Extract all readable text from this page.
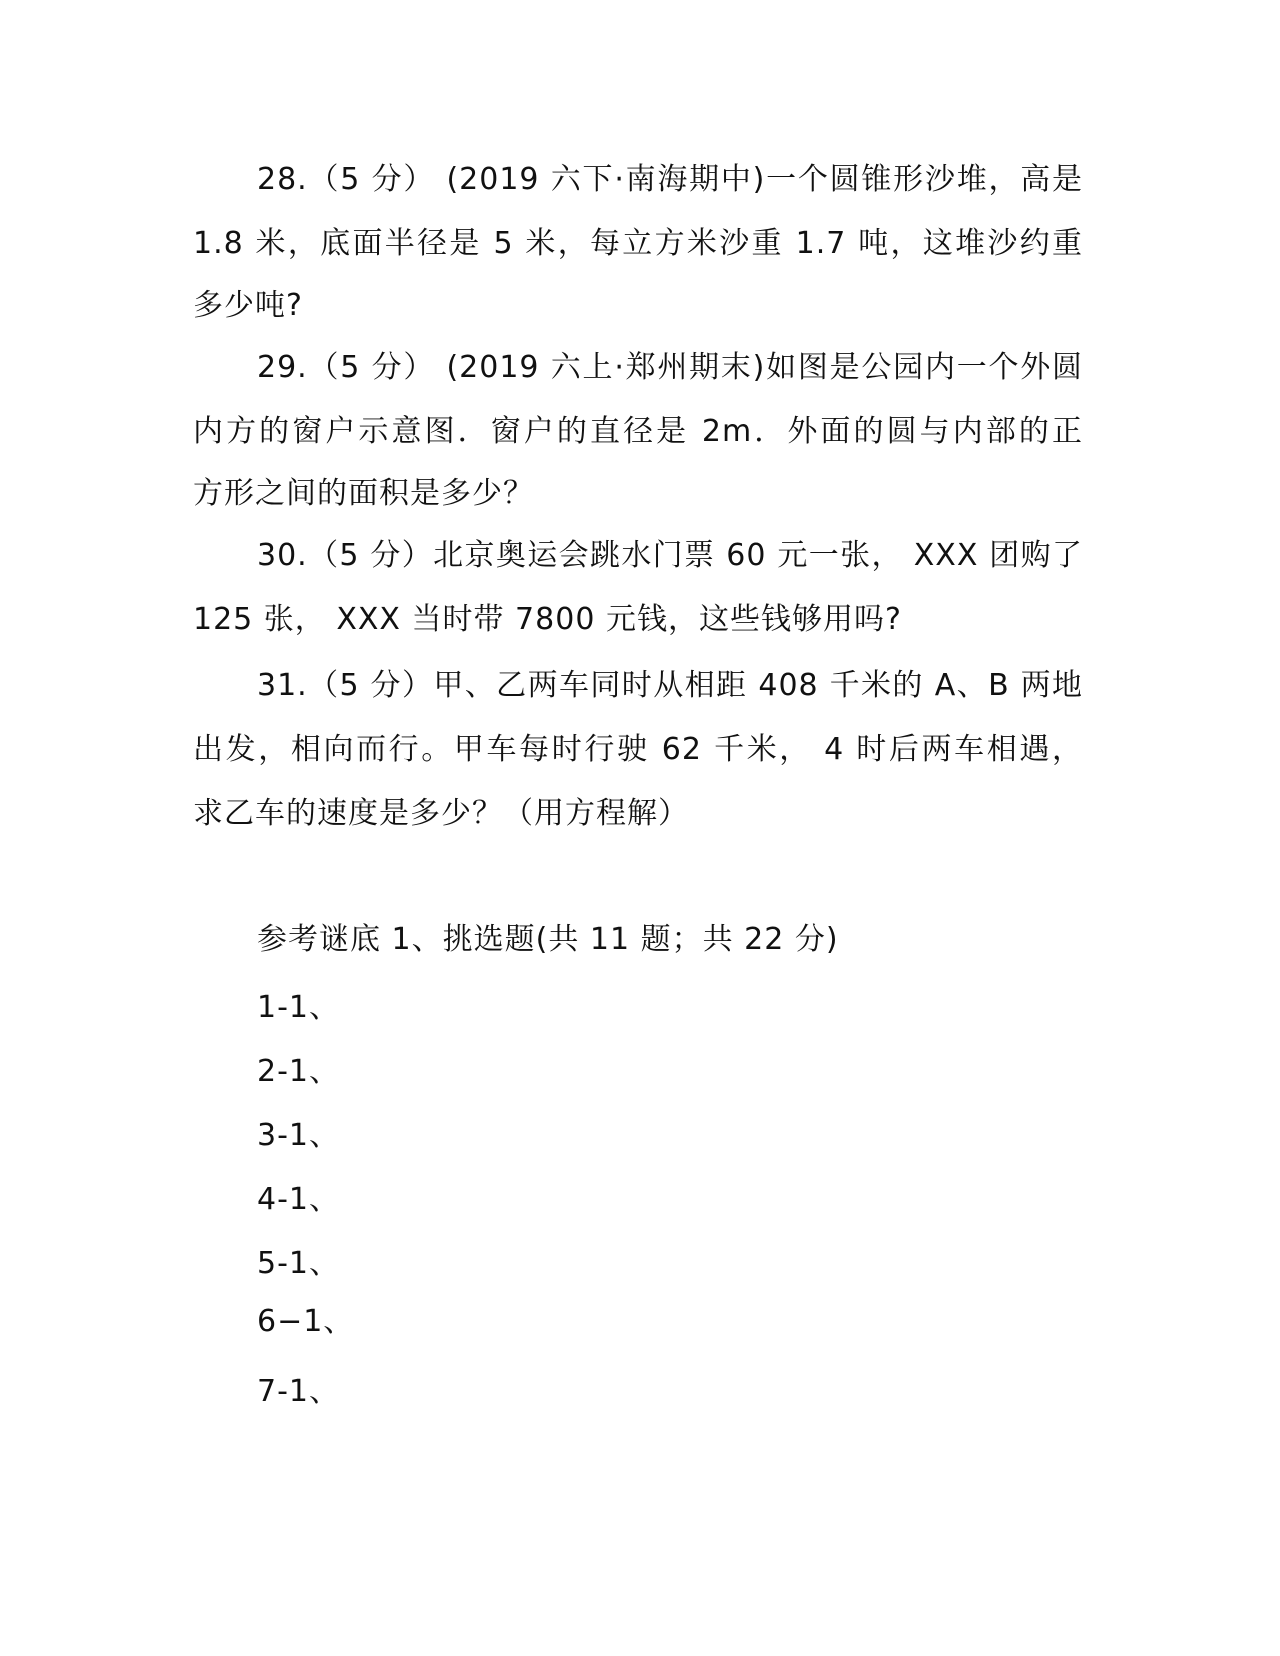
28.（5 分） (2019 六下·南海期中)一个圆锥形沙堆，高是
1.8 米，底面半径是 5 米，每立方米沙重 1.7 吨，这堆沙约重
多少吨?
29.（5 分） (2019 六上·郑州期末)如图是公园内一个外圆
内方的窗户示意图．窗户的直径是 2m．外面的圆与内部的正
方形之间的面积是多少？
30.（5 分）北京奥运会跳水门票 60 元一张， XXX 团购了
125 张， XXX 当时带 7800 元钱，这些钱够用吗?
31.（5 分）甲、乙两车同时从相距 408 千米的 A、B 两地
出发，相向而行。甲车每时行驶 62 千米， 4 时后两车相遇，
求乙车的速度是多少？（用方程解）
参考谜底 1、挑选题(共 11 题；共 22 分)
1-1、
2-1、
3-1、
4-1、
5-1、
6−1、
7-1、
